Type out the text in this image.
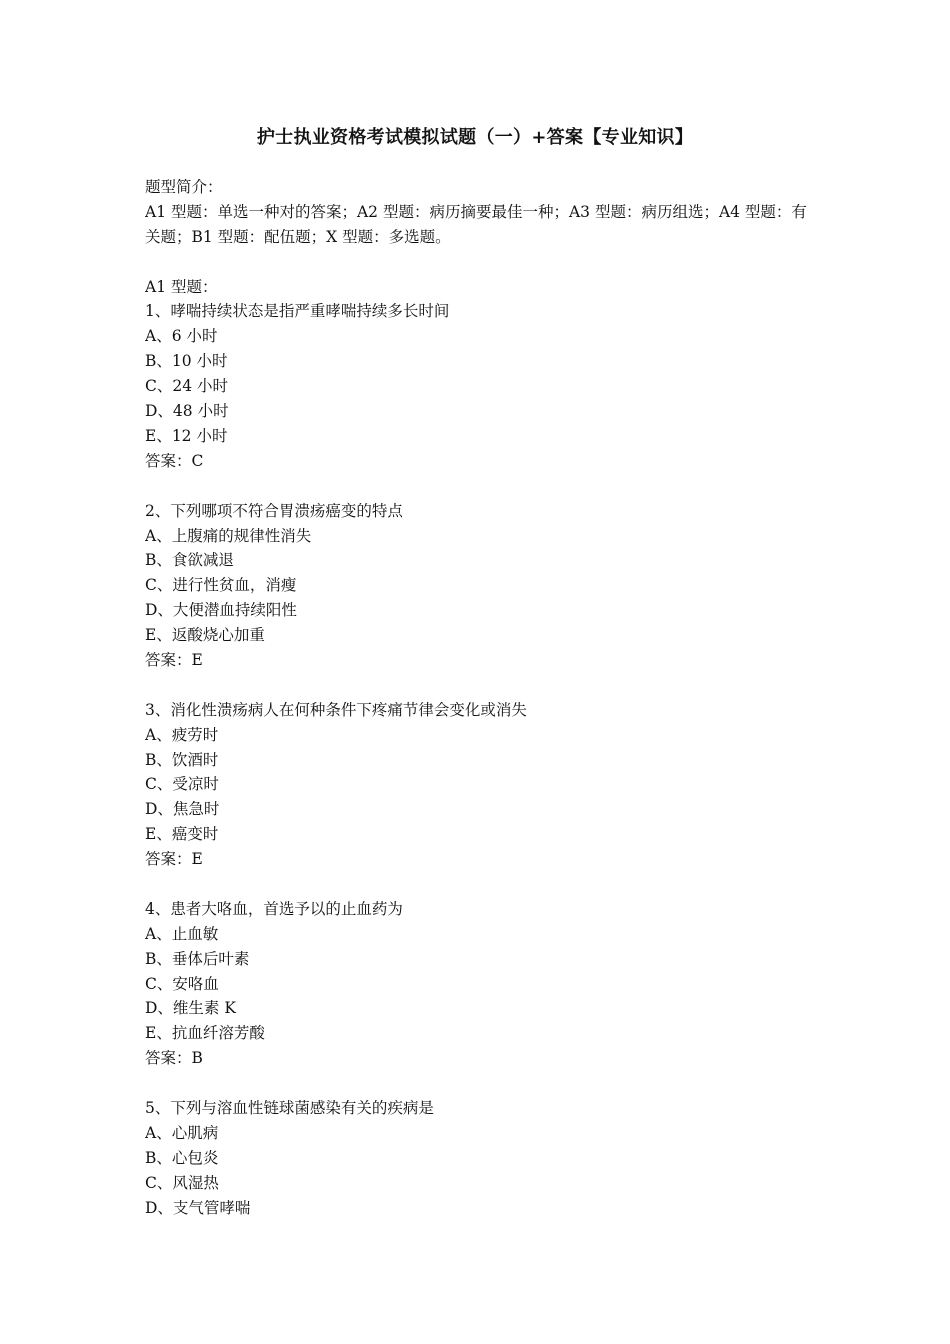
护士执业资格考试模拟试题（一）+答案【专业知识】
题型简介：
A1 型题：单选一种对的答案；A2 型题：病历摘要最佳一种；A3 型题：病历组选；A4 型题：有关题；B1 型题：配伍题；X 型题：多选题。
A1 型题：
1、哮喘持续状态是指严重哮喘持续多长时间
A、6 小时
B、10 小时
C、24 小时
D、48 小时
E、12 小时
答案：C
2、下列哪项不符合胃溃疡癌变的特点
A、上腹痛的规律性消失
B、食欲减退
C、进行性贫血，消瘦
D、大便潜血持续阳性
E、返酸烧心加重
答案：E
3、消化性溃疡病人在何种条件下疼痛节律会变化或消失
A、疲劳时
B、饮酒时
C、受凉时
D、焦急时
E、癌变时
答案：E
4、患者大咯血，首选予以的止血药为
A、止血敏
B、垂体后叶素
C、安咯血
D、维生素 K
E、抗血纤溶芳酸
答案：B
5、下列与溶血性链球菌感染有关的疾病是
A、心肌病
B、心包炎
C、风湿热
D、支气管哮喘
